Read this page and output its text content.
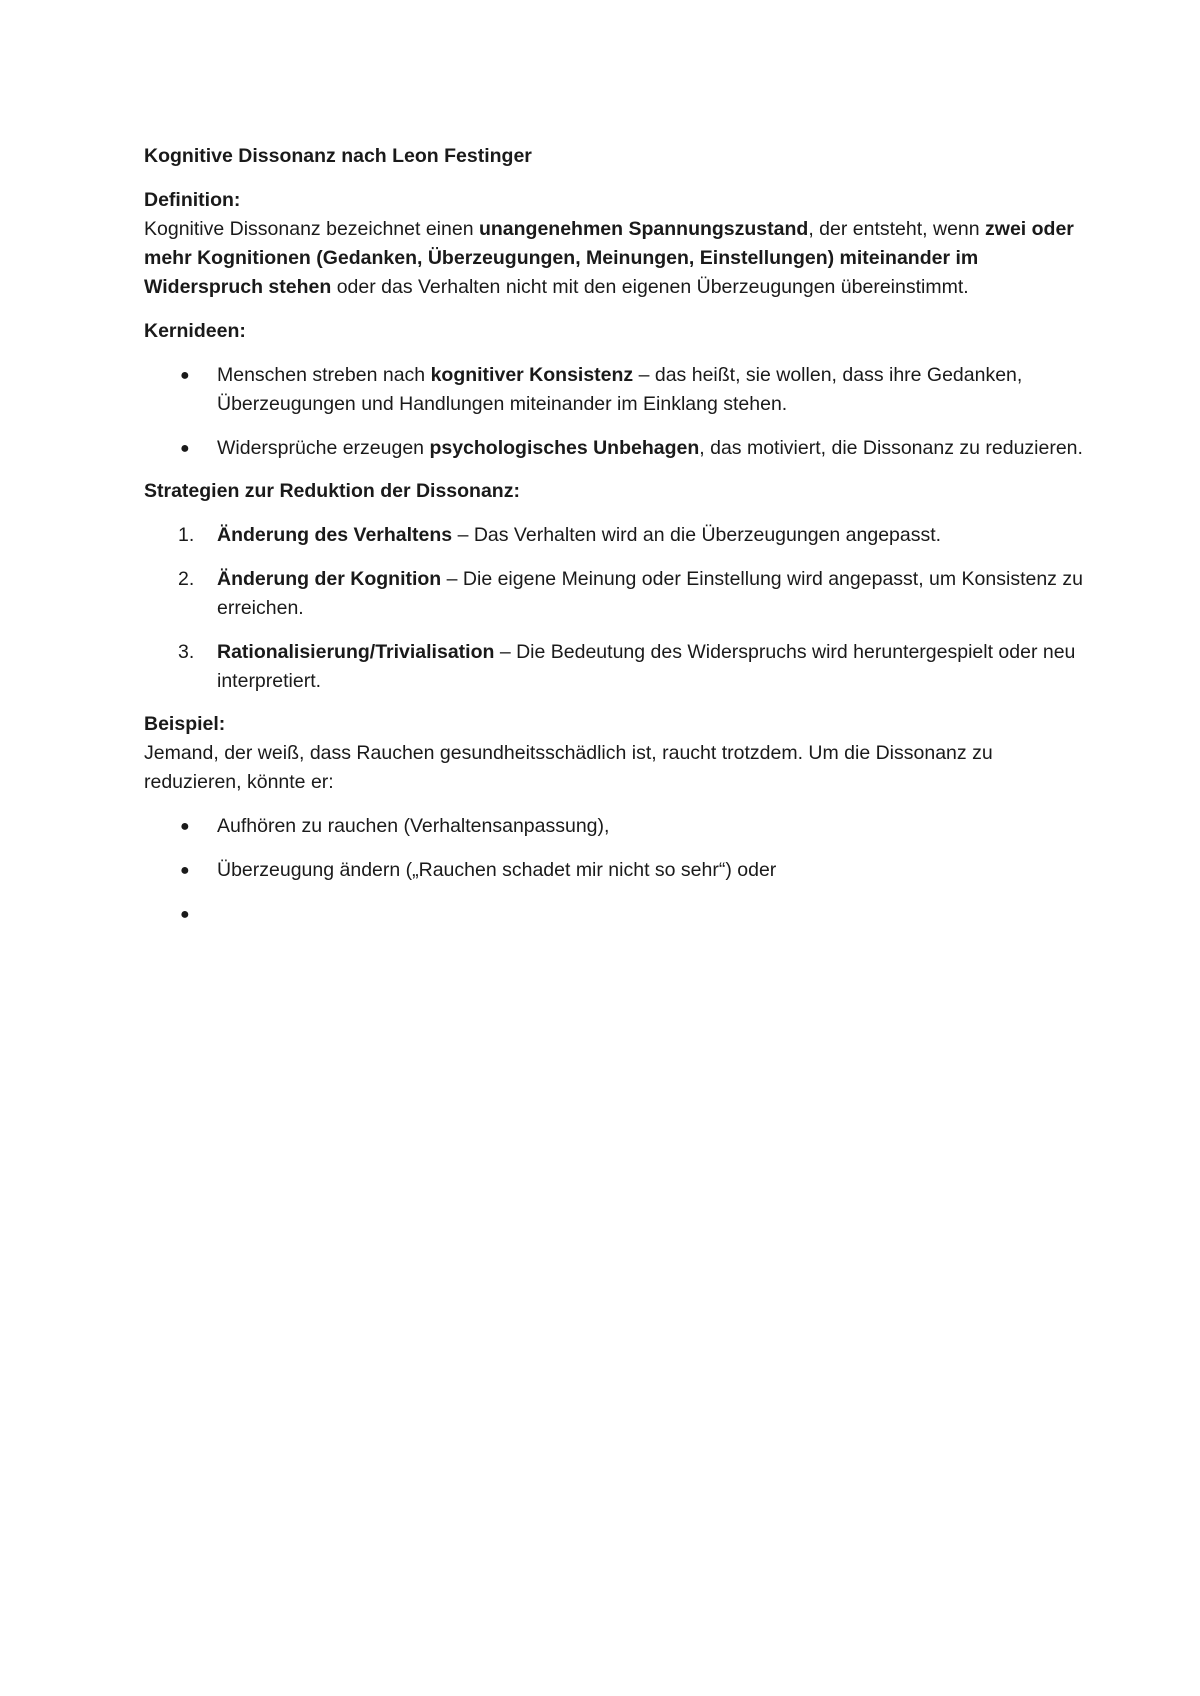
Kognitive Dissonanz nach Leon Festinger

Definition:
Kognitive Dissonanz bezeichnet einen unangenehmen Spannungszustand, der entsteht, wenn zwei oder mehr Kognitionen (Gedanken, Überzeugungen, Meinungen, Einstellungen) miteinander im Widerspruch stehen oder das Verhalten nicht mit den eigenen Überzeugungen übereinstimmt.

Kernideen:

● Menschen streben nach kognitiver Konsistenz – das heißt, sie wollen, dass ihre Gedanken, Überzeugungen und Handlungen miteinander im Einklang stehen.
● Widersprüche erzeugen psychologisches Unbehagen, das motiviert, die Dissonanz zu reduzieren.

Strategien zur Reduktion der Dissonanz:

1. Änderung des Verhaltens – Das Verhalten wird an die Überzeugungen angepasst.
2. Änderung der Kognition – Die eigene Meinung oder Einstellung wird angepasst, um Konsistenz zu erreichen.
3. Rationalisierung/Trivialisation – Die Bedeutung des Widerspruchs wird heruntergespielt oder neu interpretiert.

Beispiel:
Jemand, der weiß, dass Rauchen gesundheitsschädlich ist, raucht trotzdem. Um die Dissonanz zu reduzieren, könnte er:

● Aufhören zu rauchen (Verhaltensanpassung),
● Überzeugung ändern („Rauchen schadet mir nicht so sehr“) oder
●
